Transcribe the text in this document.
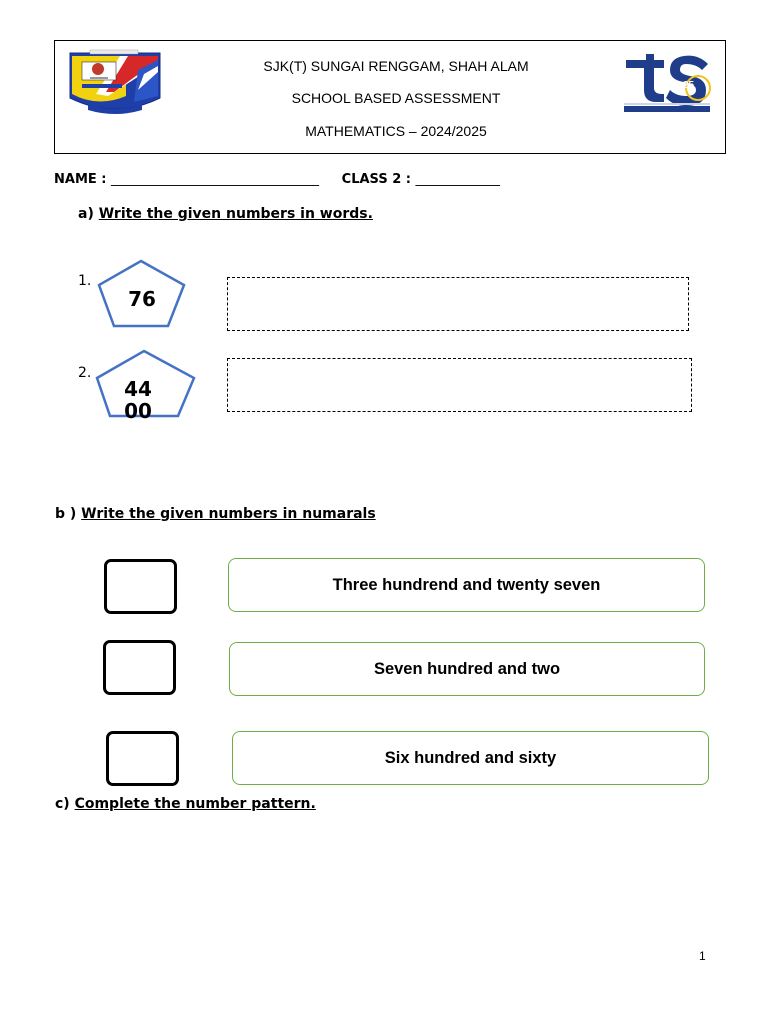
SJK(T) SUNGAI RENGGAM, SHAH ALAM
SCHOOL BASED ASSESSMENT
MATHEMATICS – 2024/2025
25
NAME : ________________________________ CLASS 2 : _____________
a) Write the given numbers in words.
1.
76
2.
44
00
b ) Write the given numbers in numarals
Three hundrend and twenty seven
Seven hundred and two
Six hundred and sixty
c) Complete the number pattern.
1
